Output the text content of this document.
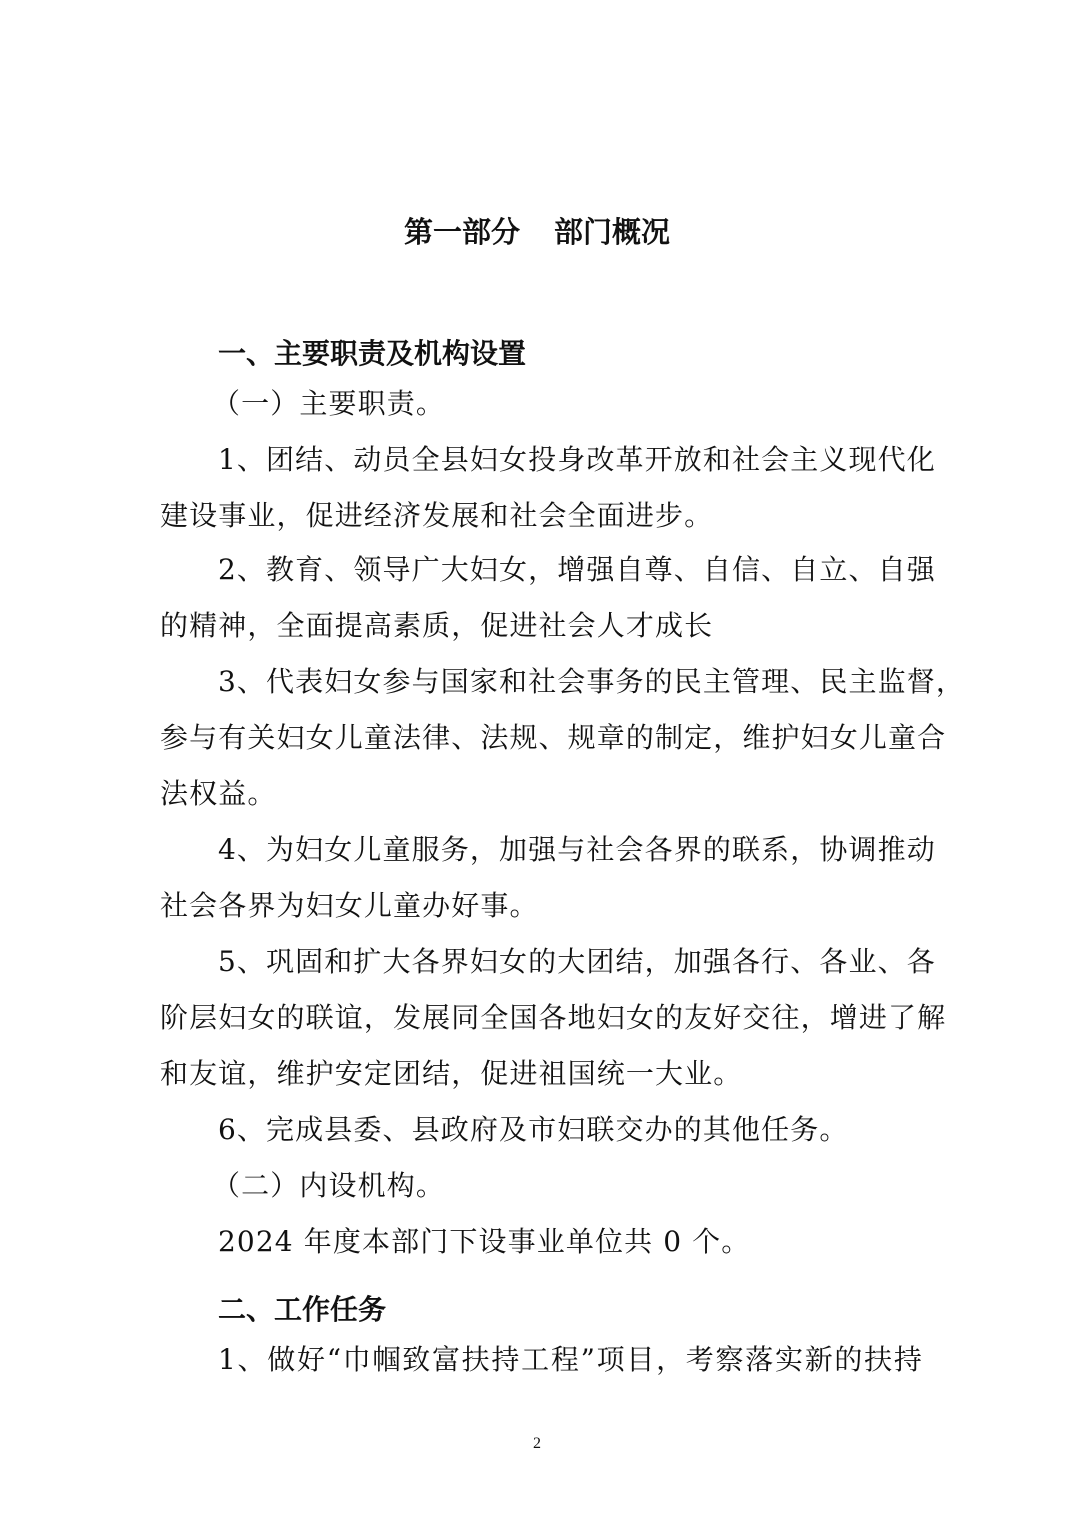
第一部分 部门概况
一、主要职责及机构设置

（一）主要职责。

1、团结、动员全县妇女投身改革开放和社会主义现代化

建设事业，促进经济发展和社会全面进步。

2、教育、领导广大妇女，增强自尊、自信、自立、自强

的精神，全面提高素质，促进社会人才成长

3、代表妇女参与国家和社会事务的民主管理、民主监督，

参与有关妇女儿童法律、法规、规章的制定，维护妇女儿童合

法权益。

4、为妇女儿童服务，加强与社会各界的联系，协调推动

社会各界为妇女儿童办好事。

5、巩固和扩大各界妇女的大团结，加强各行、各业、各

阶层妇女的联谊，发展同全国各地妇女的友好交往，增进了解

和友谊，维护安定团结，促进祖国统一大业。

6、完成县委、县政府及市妇联交办的其他任务。

（二）内设机构。

2024 年度本部门下设事业单位共 0 个。

二、工作任务

1、做好“巾帼致富扶持工程”项目，考察落实新的扶持

2
